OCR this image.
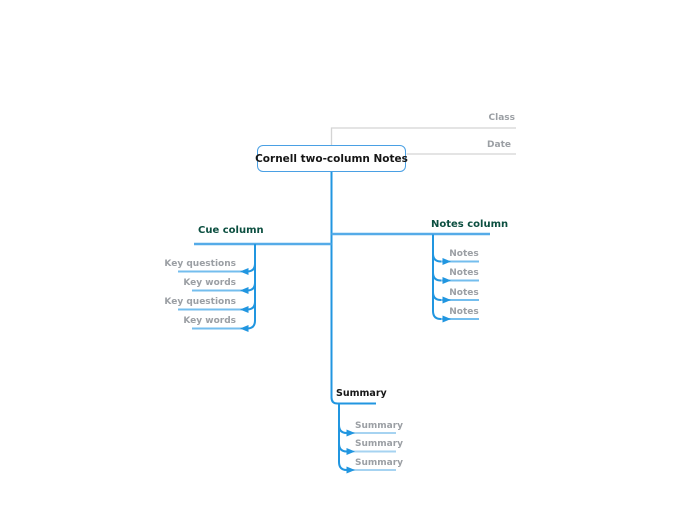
Cornell two-column Notes
Class
Date
Cue column
Key questions
Key words
Key questions
Key words
Notes column
Notes
Notes
Notes
Notes
Summary
Summary
Summary
Summary
